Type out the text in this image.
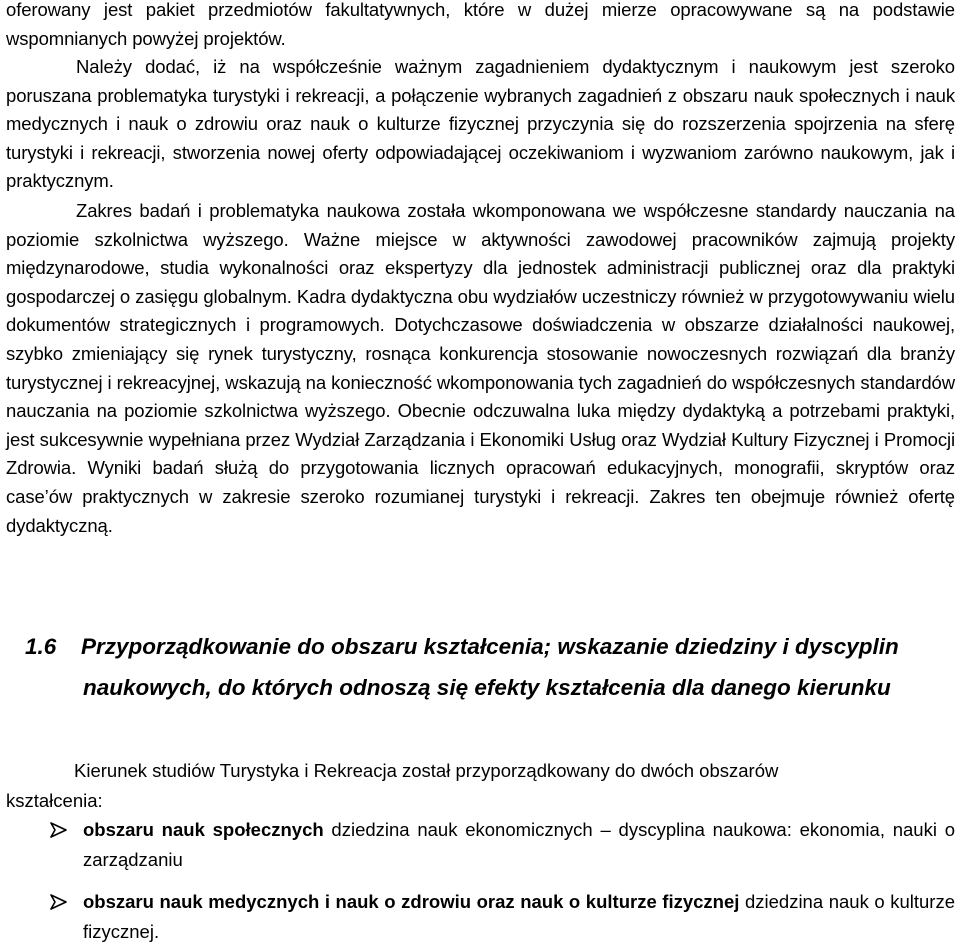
oferowany jest pakiet przedmiotów fakultatywnych, które w dużej mierze opracowywane są na podstawie wspomnianych powyżej projektów.

Należy dodać, iż na współcześnie ważnym zagadnieniem dydaktycznym i naukowym jest szeroko poruszana problematyka turystyki i rekreacji, a połączenie wybranych zagadnień z obszaru nauk społecznych i nauk medycznych i nauk o zdrowiu oraz nauk o kulturze fizycznej przyczynia się do rozszerzenia spojrzenia na sferę turystyki i rekreacji, stworzenia nowej oferty odpowiadającej oczekiwaniom i wyzwaniom zarówno naukowym, jak i praktycznym.

Zakres badań i problematyka naukowa została wkomponowana we współczesne standardy nauczania na poziomie szkolnictwa wyższego. Ważne miejsce w aktywności zawodowej pracowników zajmują projekty międzynarodowe, studia wykonalności oraz ekspertyzy dla jednostek administracji publicznej oraz dla praktyki gospodarczej o zasięgu globalnym. Kadra dydaktyczna obu wydziałów uczestniczy również w przygotowywaniu wielu dokumentów strategicznych i programowych. Dotychczasowe doświadczenia w obszarze działalności naukowej, szybko zmieniający się rynek turystyczny, rosnąca konkurencja stosowanie nowoczesnych rozwiązań dla branży turystycznej i rekreacyjnej, wskazują na konieczność wkomponowania tych zagadnień do współczesnych standardów nauczania na poziomie szkolnictwa wyższego. Obecnie odczuwalna luka między dydaktyką a potrzebami praktyki, jest sukcesywnie wypełniana przez Wydział Zarządzania i Ekonomiki Usług oraz Wydział Kultury Fizycznej i Promocji Zdrowia. Wyniki badań służą do przygotowania licznych opracowań edukacyjnych, monografii, skryptów oraz case’ów praktycznych w zakresie szeroko rozumianej turystyki i rekreacji. Zakres ten obejmuje również ofertę dydaktyczną.

1.6 Przyporządkowanie do obszaru kształcenia; wskazanie dziedziny i dyscyplin
naukowych, do których odnoszą się efekty kształcenia dla danego kierunku
Kierunek studiów Turystyka i Rekreacja został przyporządkowany do dwóch obszarów
kształcenia:
obszaru nauk społecznych dziedzina nauk ekonomicznych – dyscyplina naukowa: ekonomia, nauki o zarządzaniu
obszaru nauk medycznych i nauk o zdrowiu oraz nauk o kulturze fizycznej dziedzina nauk o kulturze fizycznej.
